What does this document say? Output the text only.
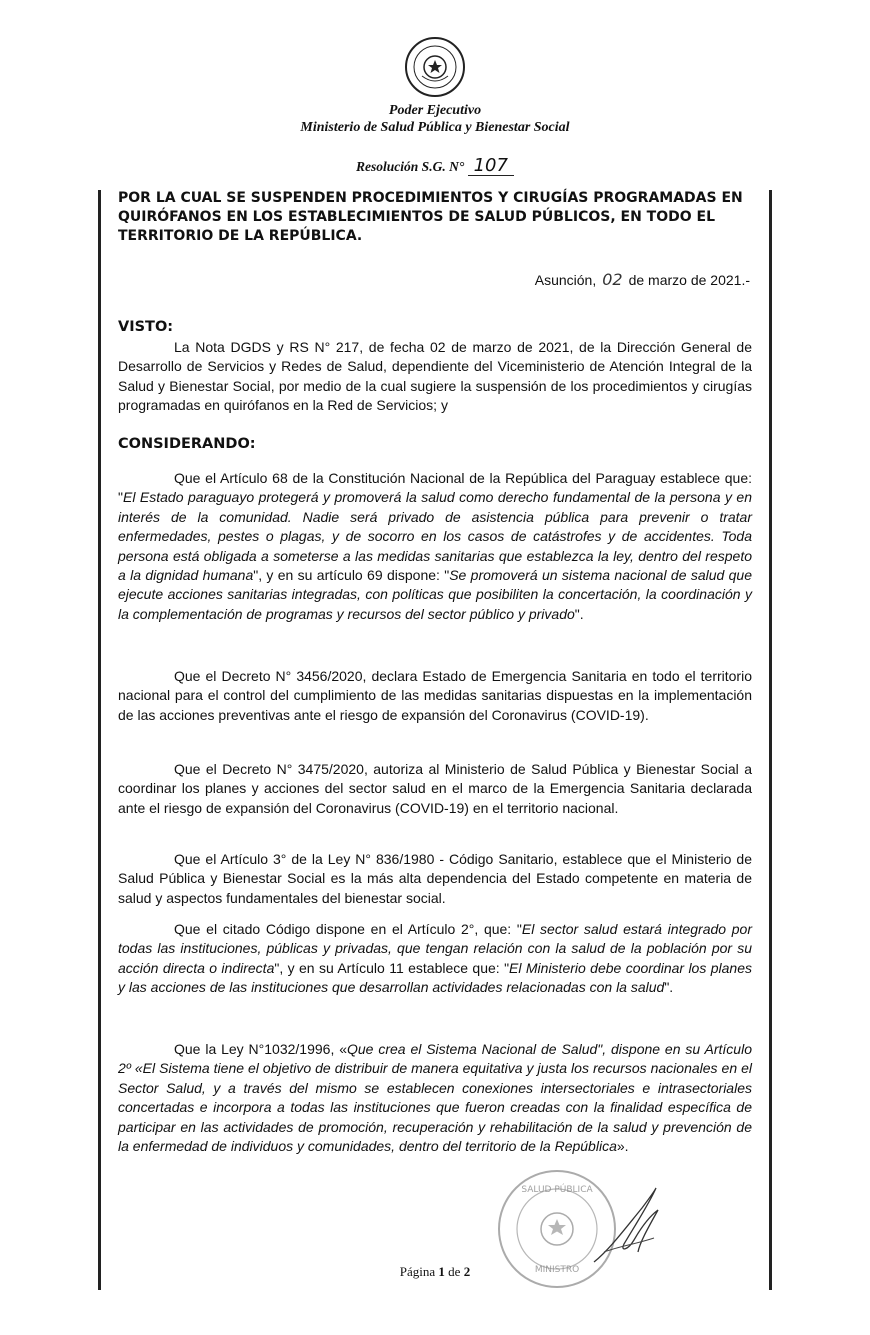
Poder Ejecutivo
Ministerio de Salud Pública y Bienestar Social
Resolución S.G. N° 107
POR LA CUAL SE SUSPENDEN PROCEDIMIENTOS Y CIRUGÍAS PROGRAMADAS EN QUIRÓFANOS EN LOS ESTABLECIMIENTOS DE SALUD PÚBLICOS, EN TODO EL TERRITORIO DE LA REPÚBLICA.
Asunción, 02 de marzo de 2021.-
VISTO:
La Nota DGDS y RS N° 217, de fecha 02 de marzo de 2021, de la Dirección General de Desarrollo de Servicios y Redes de Salud, dependiente del Viceministerio de Atención Integral de la Salud y Bienestar Social, por medio de la cual sugiere la suspensión de los procedimientos y cirugías programadas en quirófanos en la Red de Servicios; y
CONSIDERANDO:
Que el Artículo 68 de la Constitución Nacional de la República del Paraguay establece que: "El Estado paraguayo protegerá y promoverá la salud como derecho fundamental de la persona y en interés de la comunidad. Nadie será privado de asistencia pública para prevenir o tratar enfermedades, pestes o plagas, y de socorro en los casos de catástrofes y de accidentes. Toda persona está obligada a someterse a las medidas sanitarias que establezca la ley, dentro del respeto a la dignidad humana", y en su artículo 69 dispone: "Se promoverá un sistema nacional de salud que ejecute acciones sanitarias integradas, con políticas que posibiliten la concertación, la coordinación y la complementación de programas y recursos del sector público y privado".
Que el Decreto N° 3456/2020, declara Estado de Emergencia Sanitaria en todo el territorio nacional para el control del cumplimiento de las medidas sanitarias dispuestas en la implementación de las acciones preventivas ante el riesgo de expansión del Coronavirus (COVID-19).
Que el Decreto N° 3475/2020, autoriza al Ministerio de Salud Pública y Bienestar Social a coordinar los planes y acciones del sector salud en el marco de la Emergencia Sanitaria declarada ante el riesgo de expansión del Coronavirus (COVID-19) en el territorio nacional.
Que el Artículo 3° de la Ley N° 836/1980 - Código Sanitario, establece que el Ministerio de Salud Pública y Bienestar Social es la más alta dependencia del Estado competente en materia de salud y aspectos fundamentales del bienestar social.
Que el citado Código dispone en el Artículo 2°, que: "El sector salud estará integrado por todas las instituciones, públicas y privadas, que tengan relación con la salud de la población por su acción directa o indirecta", y en su Artículo 11 establece que: "El Ministerio debe coordinar los planes y las acciones de las instituciones que desarrollan actividades relacionadas con la salud".
Que la Ley N°1032/1996, «Que crea el Sistema Nacional de Salud", dispone en su Artículo 2º «El Sistema tiene el objetivo de distribuir de manera equitativa y justa los recursos nacionales en el Sector Salud, y a través del mismo se establecen conexiones intersectoriales e intrasectoriales concertadas e incorpora a todas las instituciones que fueron creadas con la finalidad específica de participar en las actividades de promoción, recuperación y rehabilitación de la salud y prevención de la enfermedad de individuos y comunidades, dentro del territorio de la República».
SALUD PÚBLICA
MINISTRO
Página 1 de 2
